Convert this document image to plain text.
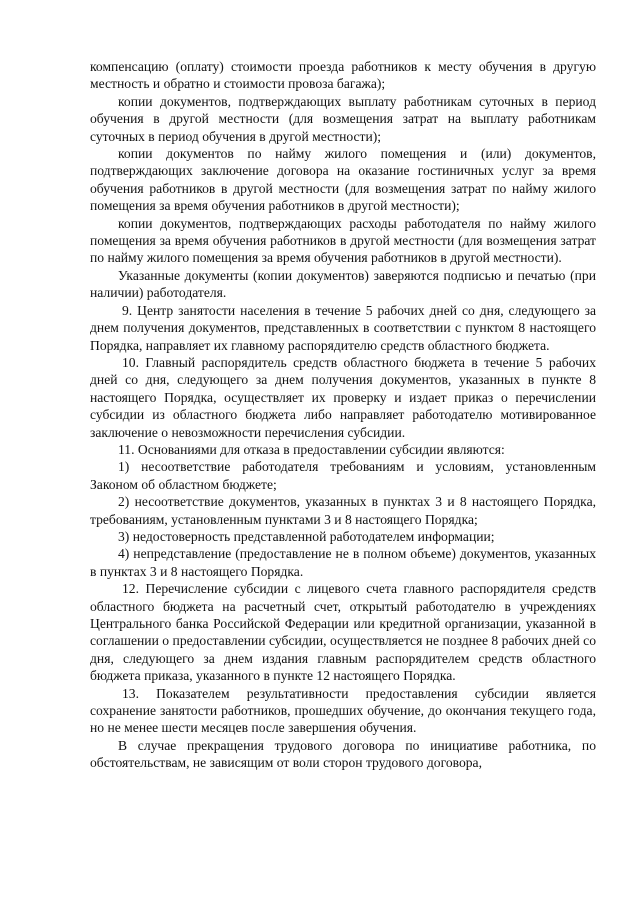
компенсацию (оплату) стоимости проезда работников к месту обучения в другую местность и обратно и стоимости провоза багажа);

копии документов, подтверждающих выплату работникам суточных в период обучения в другой местности (для возмещения затрат на выплату работникам суточных в период обучения в другой местности);

копии документов по найму жилого помещения и (или) документов, подтверждающих заключение договора на оказание гостиничных услуг за время обучения работников в другой местности (для возмещения затрат по найму жилого помещения за время обучения работников в другой местности);

копии документов, подтверждающих расходы работодателя по найму жилого помещения за время обучения работников в другой местности (для возмещения затрат по найму жилого помещения за время обучения работников в другой местности).

Указанные документы (копии документов) заверяются подписью и печатью (при наличии) работодателя.

9. Центр занятости населения в течение 5 рабочих дней со дня, следующего за днем получения документов, представленных в соответствии с пунктом 8 настоящего Порядка, направляет их главному распорядителю средств областного бюджета.

10. Главный распорядитель средств областного бюджета в течение 5 рабочих дней со дня, следующего за днем получения документов, указанных в пункте 8 настоящего Порядка, осуществляет их проверку и издает приказ о перечислении субсидии из областного бюджета либо направляет работодателю мотивированное заключение о невозможности перечисления субсидии.

11. Основаниями для отказа в предоставлении субсидии являются:

1) несоответствие работодателя требованиям и условиям, установленным Законом об областном бюджете;

2) несоответствие документов, указанных в пунктах 3 и 8 настоящего Порядка, требованиям, установленным пунктами 3 и 8 настоящего Порядка;

3) недостоверность представленной работодателем информации;

4) непредставление (предоставление не в полном объеме) документов, указанных в пунктах 3 и 8 настоящего Порядка.

12. Перечисление субсидии с лицевого счета главного распорядителя средств областного бюджета на расчетный счет, открытый работодателю в учреждениях Центрального банка Российской Федерации или кредитной организации, указанной в соглашении о предоставлении субсидии, осуществляется не позднее 8 рабочих дней со дня, следующего за днем издания главным распорядителем средств областного бюджета приказа, указанного в пункте 12 настоящего Порядка.

13. Показателем результативности предоставления субсидии является сохранение занятости работников, прошедших обучение, до окончания текущего года, но не менее шести месяцев после завершения обучения.

В случае прекращения трудового договора по инициативе работника, по обстоятельствам, не зависящим от воли сторон трудового договора,
